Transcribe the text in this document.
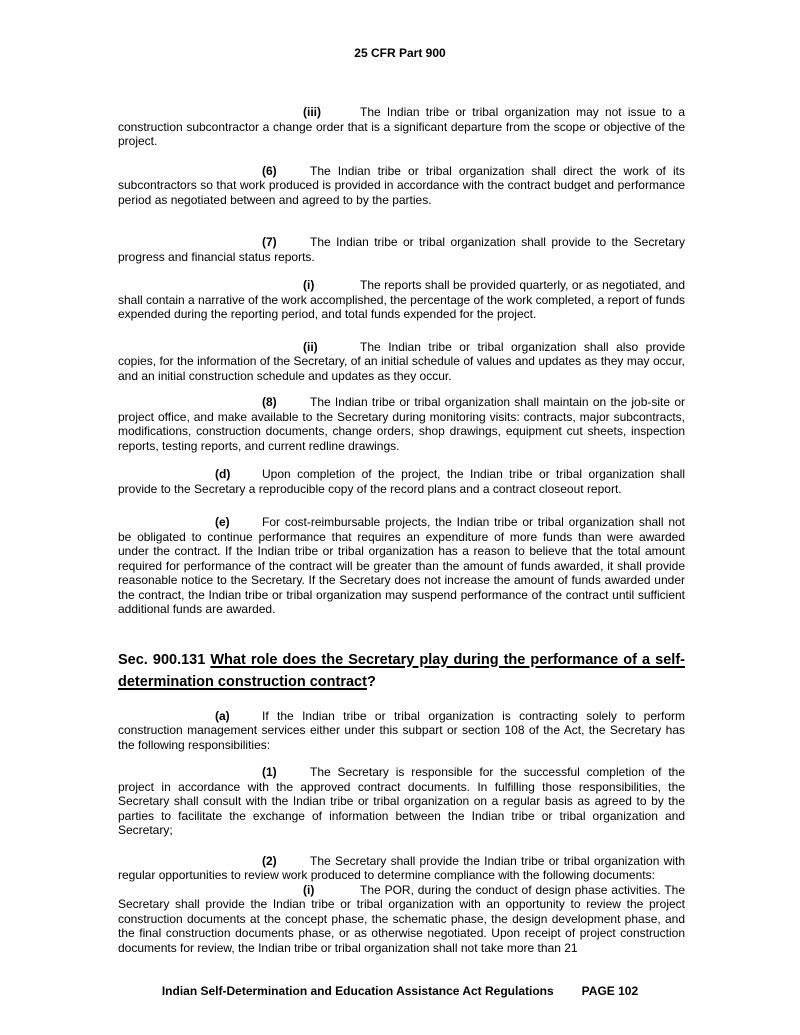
25 CFR Part 900

(iii)	The Indian tribe or tribal organization may not issue to a construction subcontractor a change order that is a significant departure from the scope or objective of the project.

(6)	The Indian tribe or tribal organization shall direct the work of its subcontractors so that work produced is provided in accordance with the contract budget and performance period as negotiated between and agreed to by the parties.

(7)	The Indian tribe or tribal organization shall provide to the Secretary progress and financial status reports.

(i)	The reports shall be provided quarterly, or as negotiated, and shall contain a narrative of the work accomplished, the percentage of the work completed, a report of funds expended during the reporting period, and total funds expended for the project.

(ii)	The Indian tribe or tribal organization shall also provide copies, for the information of the Secretary, of an initial schedule of values and updates as they may occur, and an initial construction schedule and updates as they occur.

(8)	The Indian tribe or tribal organization shall maintain on the job-site or project office, and make available to the Secretary during monitoring visits: contracts, major subcontracts, modifications, construction documents, change orders, shop drawings, equipment cut sheets, inspection reports, testing reports, and current redline drawings.

(d)	Upon completion of the project, the Indian tribe or tribal organization shall provide to the Secretary a reproducible copy of the record plans and a contract closeout report.

(e)	For cost-reimbursable projects, the Indian tribe or tribal organization shall not be obligated to continue performance that requires an expenditure of more funds than were awarded under the contract. If the Indian tribe or tribal organization has a reason to believe that the total amount required for performance of the contract will be greater than the amount of funds awarded, it shall provide reasonable notice to the Secretary. If the Secretary does not increase the amount of funds awarded under the contract, the Indian tribe or tribal organization may suspend performance of the contract until sufficient additional funds are awarded.

Sec. 900.131 What role does the Secretary play during the performance of a self-determination construction contract?

(a)	If the Indian tribe or tribal organization is contracting solely to perform construction management services either under this subpart or section 108 of the Act, the Secretary has the following responsibilities:

(1)	The Secretary is responsible for the successful completion of the project in accordance with the approved contract documents. In fulfilling those responsibilities, the Secretary shall consult with the Indian tribe or tribal organization on a regular basis as agreed to by the parties to facilitate the exchange of information between the Indian tribe or tribal organization and Secretary;

(2)	The Secretary shall provide the Indian tribe or tribal organization with regular opportunities to review work produced to determine compliance with the following documents:

(i)	The POR, during the conduct of design phase activities. The Secretary shall provide the Indian tribe or tribal organization with an opportunity to review the project construction documents at the concept phase, the schematic phase, the design development phase, and the final construction documents phase, or as otherwise negotiated. Upon receipt of project construction documents for review, the Indian tribe or tribal organization shall not take more than 21

Indian Self-Determination and Education Assistance Act Regulations PAGE 102
